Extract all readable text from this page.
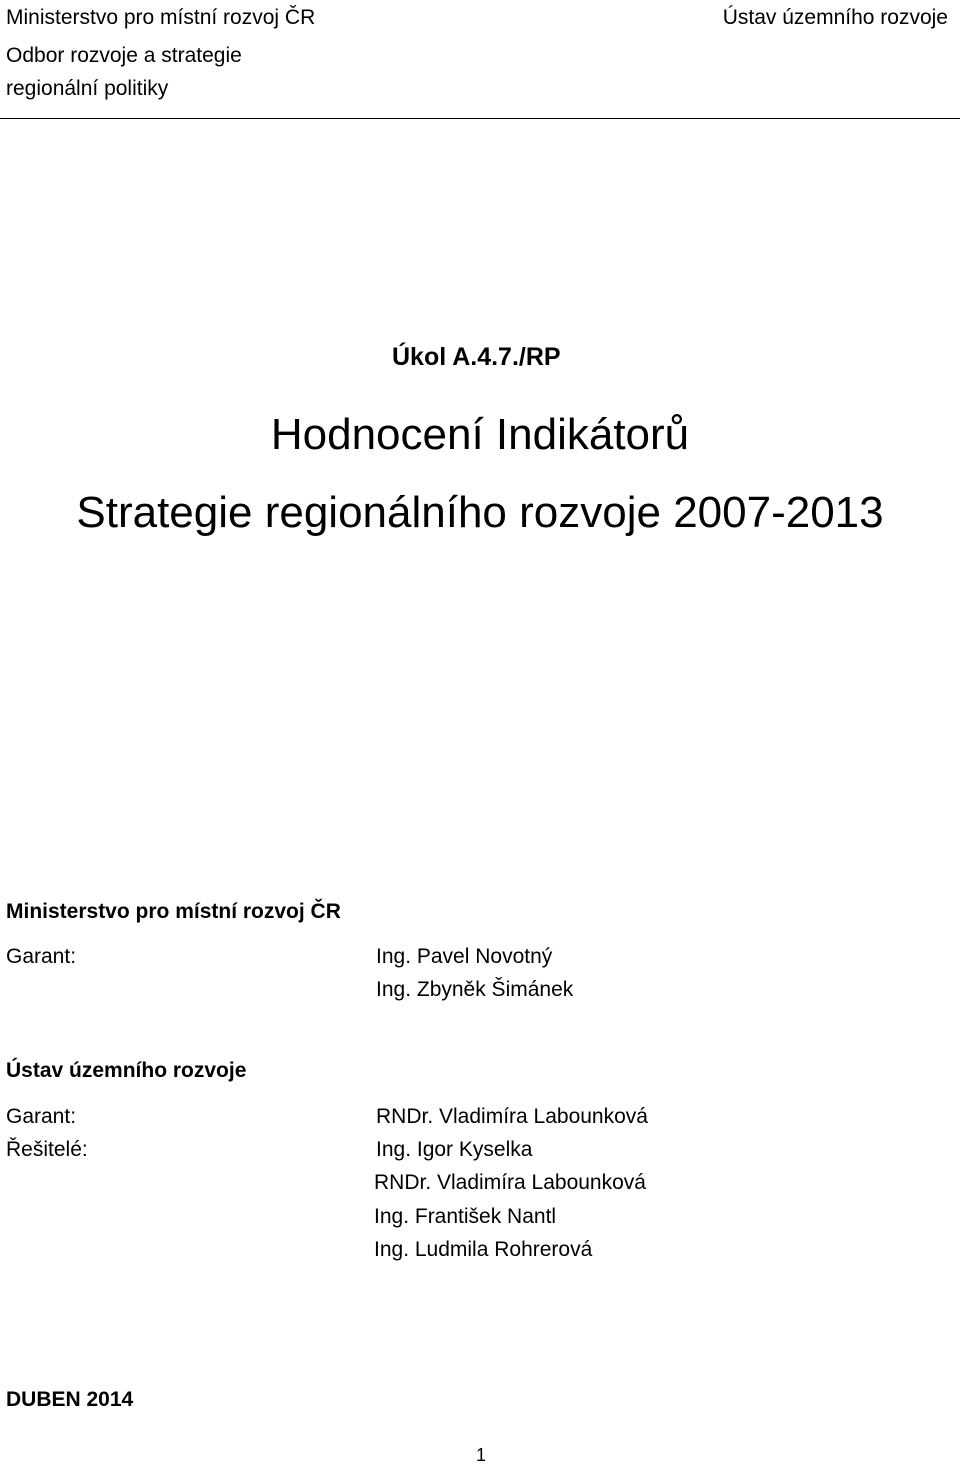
Ministerstvo pro místní rozvoj ČR
Odbor rozvoje a strategie
regionální politiky
Ústav územního rozvoje
Úkol A.4.7./RP
Hodnocení Indikátorů
Strategie regionálního rozvoje 2007-2013
Ministerstvo pro místní rozvoj ČR
Garant:	Ing. Pavel Novotný
Ing. Zbyněk Šimánek
Ústav územního rozvoje
Garant:	RNDr. Vladimíra Labounková
Řešitelé:	Ing. Igor Kyselka
RNDr. Vladimíra Labounková
Ing. František Nantl
Ing. Ludmila Rohrerová
DUBEN 2014
1
